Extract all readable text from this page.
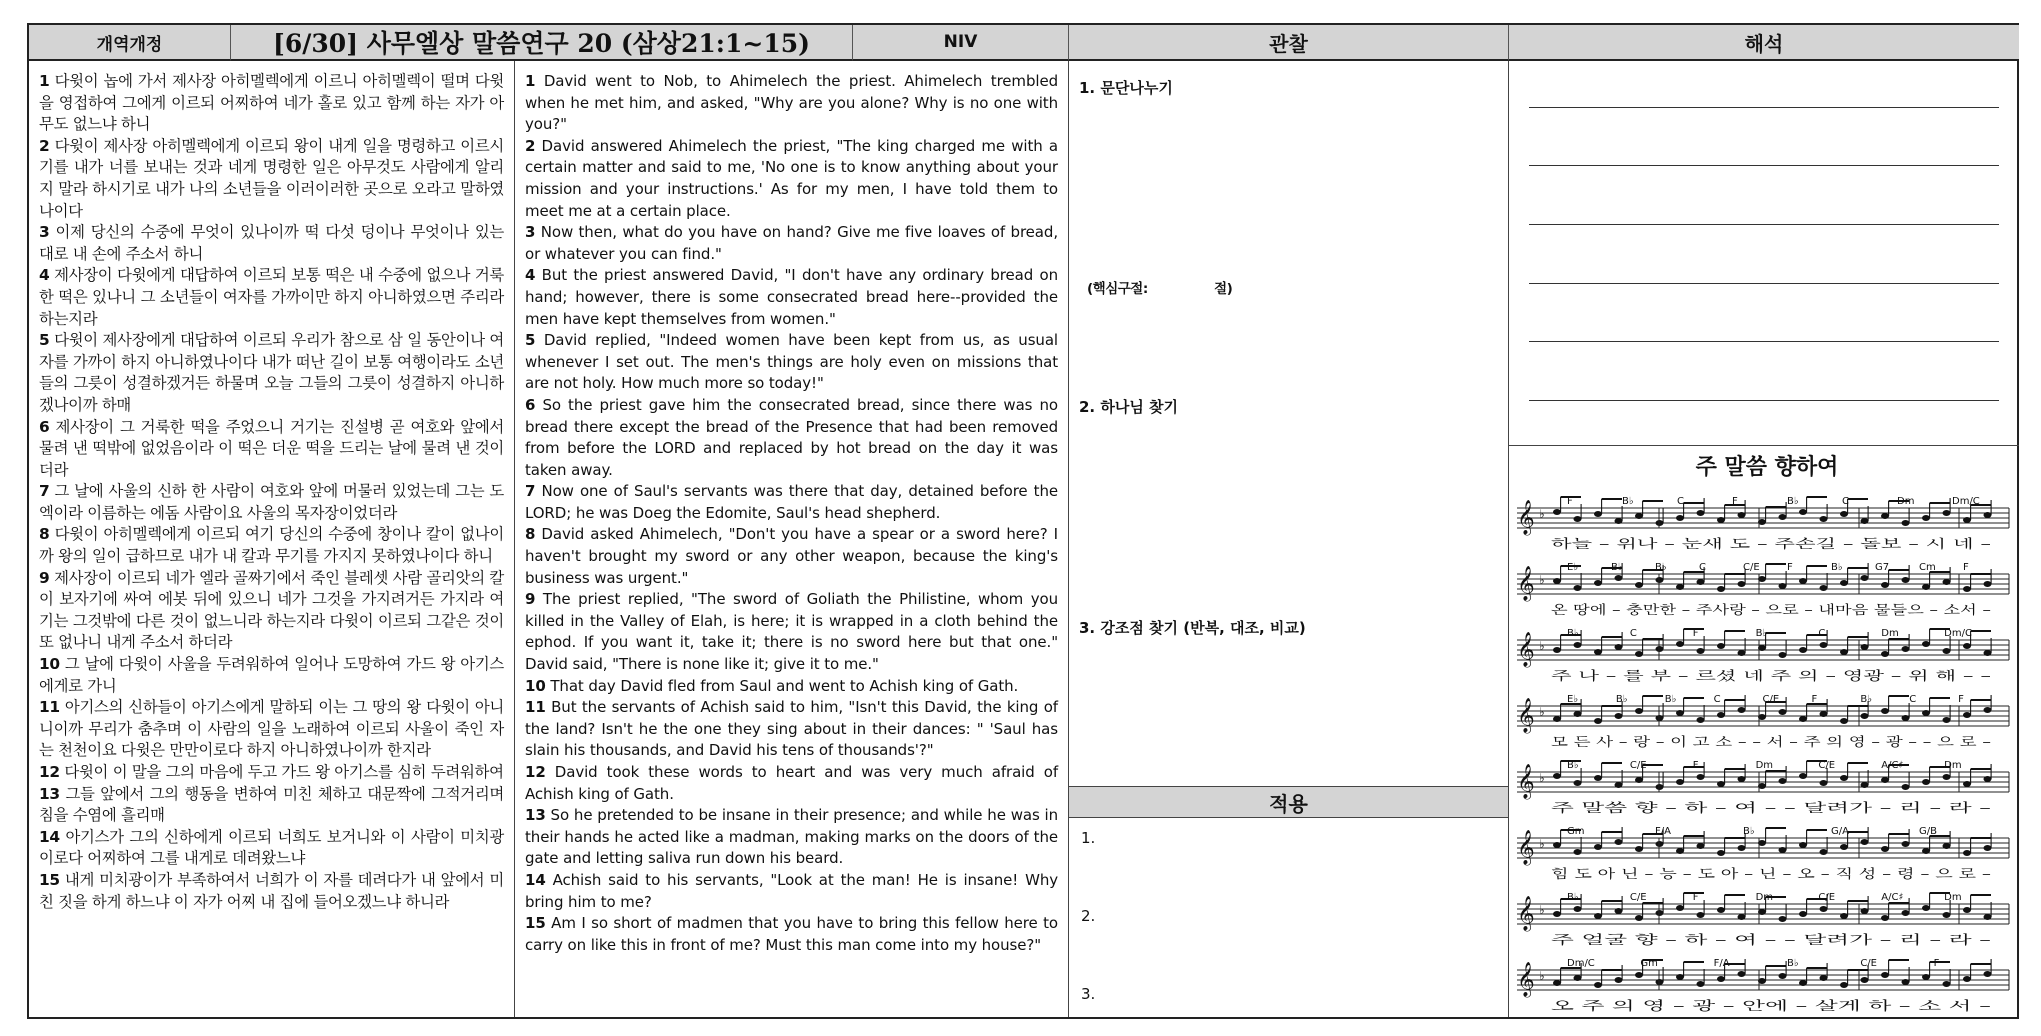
개역개정	[6/30] 사무엘상 말씀연구 20 (삼상21:1~15)	NIV	관찰	해석

1 다윗이 놉에 가서 제사장 아히멜렉에게 이르니 아히멜렉이 떨며 다윗을 영접하여 그에게 이르되 어찌하여 네가 홀로 있고 함께 하는 자가 아무도 없느냐 하니

2 다윗이 제사장 아히멜렉에게 이르되 왕이 내게 일을 명령하고 이르시기를 내가 너를 보내는 것과 네게 명령한 일은 아무것도 사람에게 알리지 말라 하시기로 내가 나의 소년들을 이러이러한 곳으로 오라고 말하였나이다

3 이제 당신의 수중에 무엇이 있나이까 떡 다섯 덩이나 무엇이나 있는 대로 내 손에 주소서 하니

4 제사장이 다윗에게 대답하여 이르되 보통 떡은 내 수중에 없으나 거룩한 떡은 있나니 그 소년들이 여자를 가까이만 하지 아니하였으면 주리라 하는지라

5 다윗이 제사장에게 대답하여 이르되 우리가 참으로 삼 일 동안이나 여자를 가까이 하지 아니하였나이다 내가 떠난 길이 보통 여행이라도 소년들의 그릇이 성결하겠거든 하물며 오늘 그들의 그릇이 성결하지 아니하겠나이까 하매

6 제사장이 그 거룩한 떡을 주었으니 거기는 진설병 곧 여호와 앞에서 물려 낸 떡밖에 없었음이라 이 떡은 더운 떡을 드리는 날에 물려 낸 것이더라

7 그 날에 사울의 신하 한 사람이 여호와 앞에 머물러 있었는데 그는 도엑이라 이름하는 에돔 사람이요 사울의 목자장이었더라

8 다윗이 아히멜렉에게 이르되 여기 당신의 수중에 창이나 칼이 없나이까 왕의 일이 급하므로 내가 내 칼과 무기를 가지지 못하였나이다 하니

9 제사장이 이르되 네가 엘라 골짜기에서 죽인 블레셋 사람 골리앗의 칼이 보자기에 싸여 에봇 뒤에 있으니 네가 그것을 가지려거든 가지라 여기는 그것밖에 다른 것이 없느니라 하는지라 다윗이 이르되 그같은 것이 또 없나니 내게 주소서 하더라

10 그 날에 다윗이 사울을 두려워하여 일어나 도망하여 가드 왕 아기스에게로 가니

11 아기스의 신하들이 아기스에게 말하되 이는 그 땅의 왕 다윗이 아니니이까 무리가 춤추며 이 사람의 일을 노래하여 이르되 사울이 죽인 자는 천천이요 다윗은 만만이로다 하지 아니하였나이까 한지라

12 다윗이 이 말을 그의 마음에 두고 가드 왕 아기스를 심히 두려워하여

13 그들 앞에서 그의 행동을 변하여 미친 체하고 대문짝에 그적거리며 침을 수염에 흘리매

14 아기스가 그의 신하에게 이르되 너희도 보거니와 이 사람이 미치광이로다 어찌하여 그를 내게로 데려왔느냐

15 내게 미치광이가 부족하여서 너희가 이 자를 데려다가 내 앞에서 미친 짓을 하게 하느냐 이 자가 어찌 내 집에 들어오겠느냐 하니라

1 David went to Nob, to Ahimelech the priest. Ahimelech trembled when he met him, and asked, "Why are you alone? Why is no one with you?"

2 David answered Ahimelech the priest, "The king charged me with a certain matter and said to me, 'No one is to know anything about your mission and your instructions.' As for my men, I have told them to meet me at a certain place.

3 Now then, what do you have on hand? Give me five loaves of bread, or whatever you can find."

4 But the priest answered David, "I don't have any ordinary bread on hand; however, there is some consecrated bread here--provided the men have kept themselves from women."

5 David replied, "Indeed women have been kept from us, as usual whenever I set out. The men's things are holy even on missions that are not holy. How much more so today!"

6 So the priest gave him the consecrated bread, since there was no bread there except the bread of the Presence that had been removed from before the LORD and replaced by hot bread on the day it was taken away.

7 Now one of Saul's servants was there that day, detained before the LORD; he was Doeg the Edomite, Saul's head shepherd.

8 David asked Ahimelech, "Don't you have a spear or a sword here? I haven't brought my sword or any other weapon, because the king's business was urgent."

9 The priest replied, "The sword of Goliath the Philistine, whom you killed in the Valley of Elah, is here; it is wrapped in a cloth behind the ephod. If you want it, take it; there is no sword here but that one." David said, "There is none like it; give it to me."

10 That day David fled from Saul and went to Achish king of Gath.

11 But the servants of Achish said to him, "Isn't this David, the king of the land? Isn't he the one they sing about in their dances: " 'Saul has slain his thousands, and David his tens of thousands'?"

12 David took these words to heart and was very much afraid of Achish king of Gath.

13 So he pretended to be insane in their presence; and while he was in their hands he acted like a madman, making marks on the doors of the gate and letting saliva run down his beard.

14 Achish said to his servants, "Look at the man! He is insane! Why bring him to me?

15 Am I so short of madmen that you have to bring this fellow here to carry on like this in front of me? Must this man come into my house?"

1. 문단나누기
(핵심구절:	절)
2. 하나님 찾기
3. 강조점 찾기 (반복, 대조, 비교)
적용
1.
2.
3.
주 말씀 향하여
𝄞 ♭
F	B♭	C	F	B♭	C	Dm	Dm/C
하늘 – 위나 – 눈새 도 – 주손길 – 돌보 – 시 네 –
𝄞 ♭
E♭	B♭	B♭	C	C/E	F	B♭	G7	Cm	F
온 땅에 – 충만한 – 주사랑 – 으로 – 내마음 물들으 – 소서 –
𝄞 ♭
B♭	C	F	B♭	C	Dm	Dm/C
주 나 – 를 부 – 르셨 네 주 의 – 영광 – 위 해 – –
𝄞 ♭
E♭	B♭	B♭	C	C/E	F	B♭	C	F
모 든 사 – 랑 – 이 고 소 – – 서 – 주 의 영 – 광 – – 으 로 –
𝄞 ♭
B♭	C/E	F	Dm	C/E	A/C♯	Dm
주 말씀 향 – 하 – 여 – – 달려가 – 리 – 라 –
𝄞 ♭
Gm	F/A	B♭	G/A	G/B
힘 도 아 닌 – 능 – 도 아 – 닌 – 오 – 직 성 – 령 – 으 로 –
𝄞 ♭
B♭	C/E	F	Dm	C/E	A/C♯	Dm
주 얼굴 향 – 하 – 여 – – 달려가 – 리 – 라 –
𝄞 ♭
Dm/C	Gm	F/A	B♭	C/E	F
오 주 의 영 – 광 – 안에 – 살게 하 – 소 서 –
